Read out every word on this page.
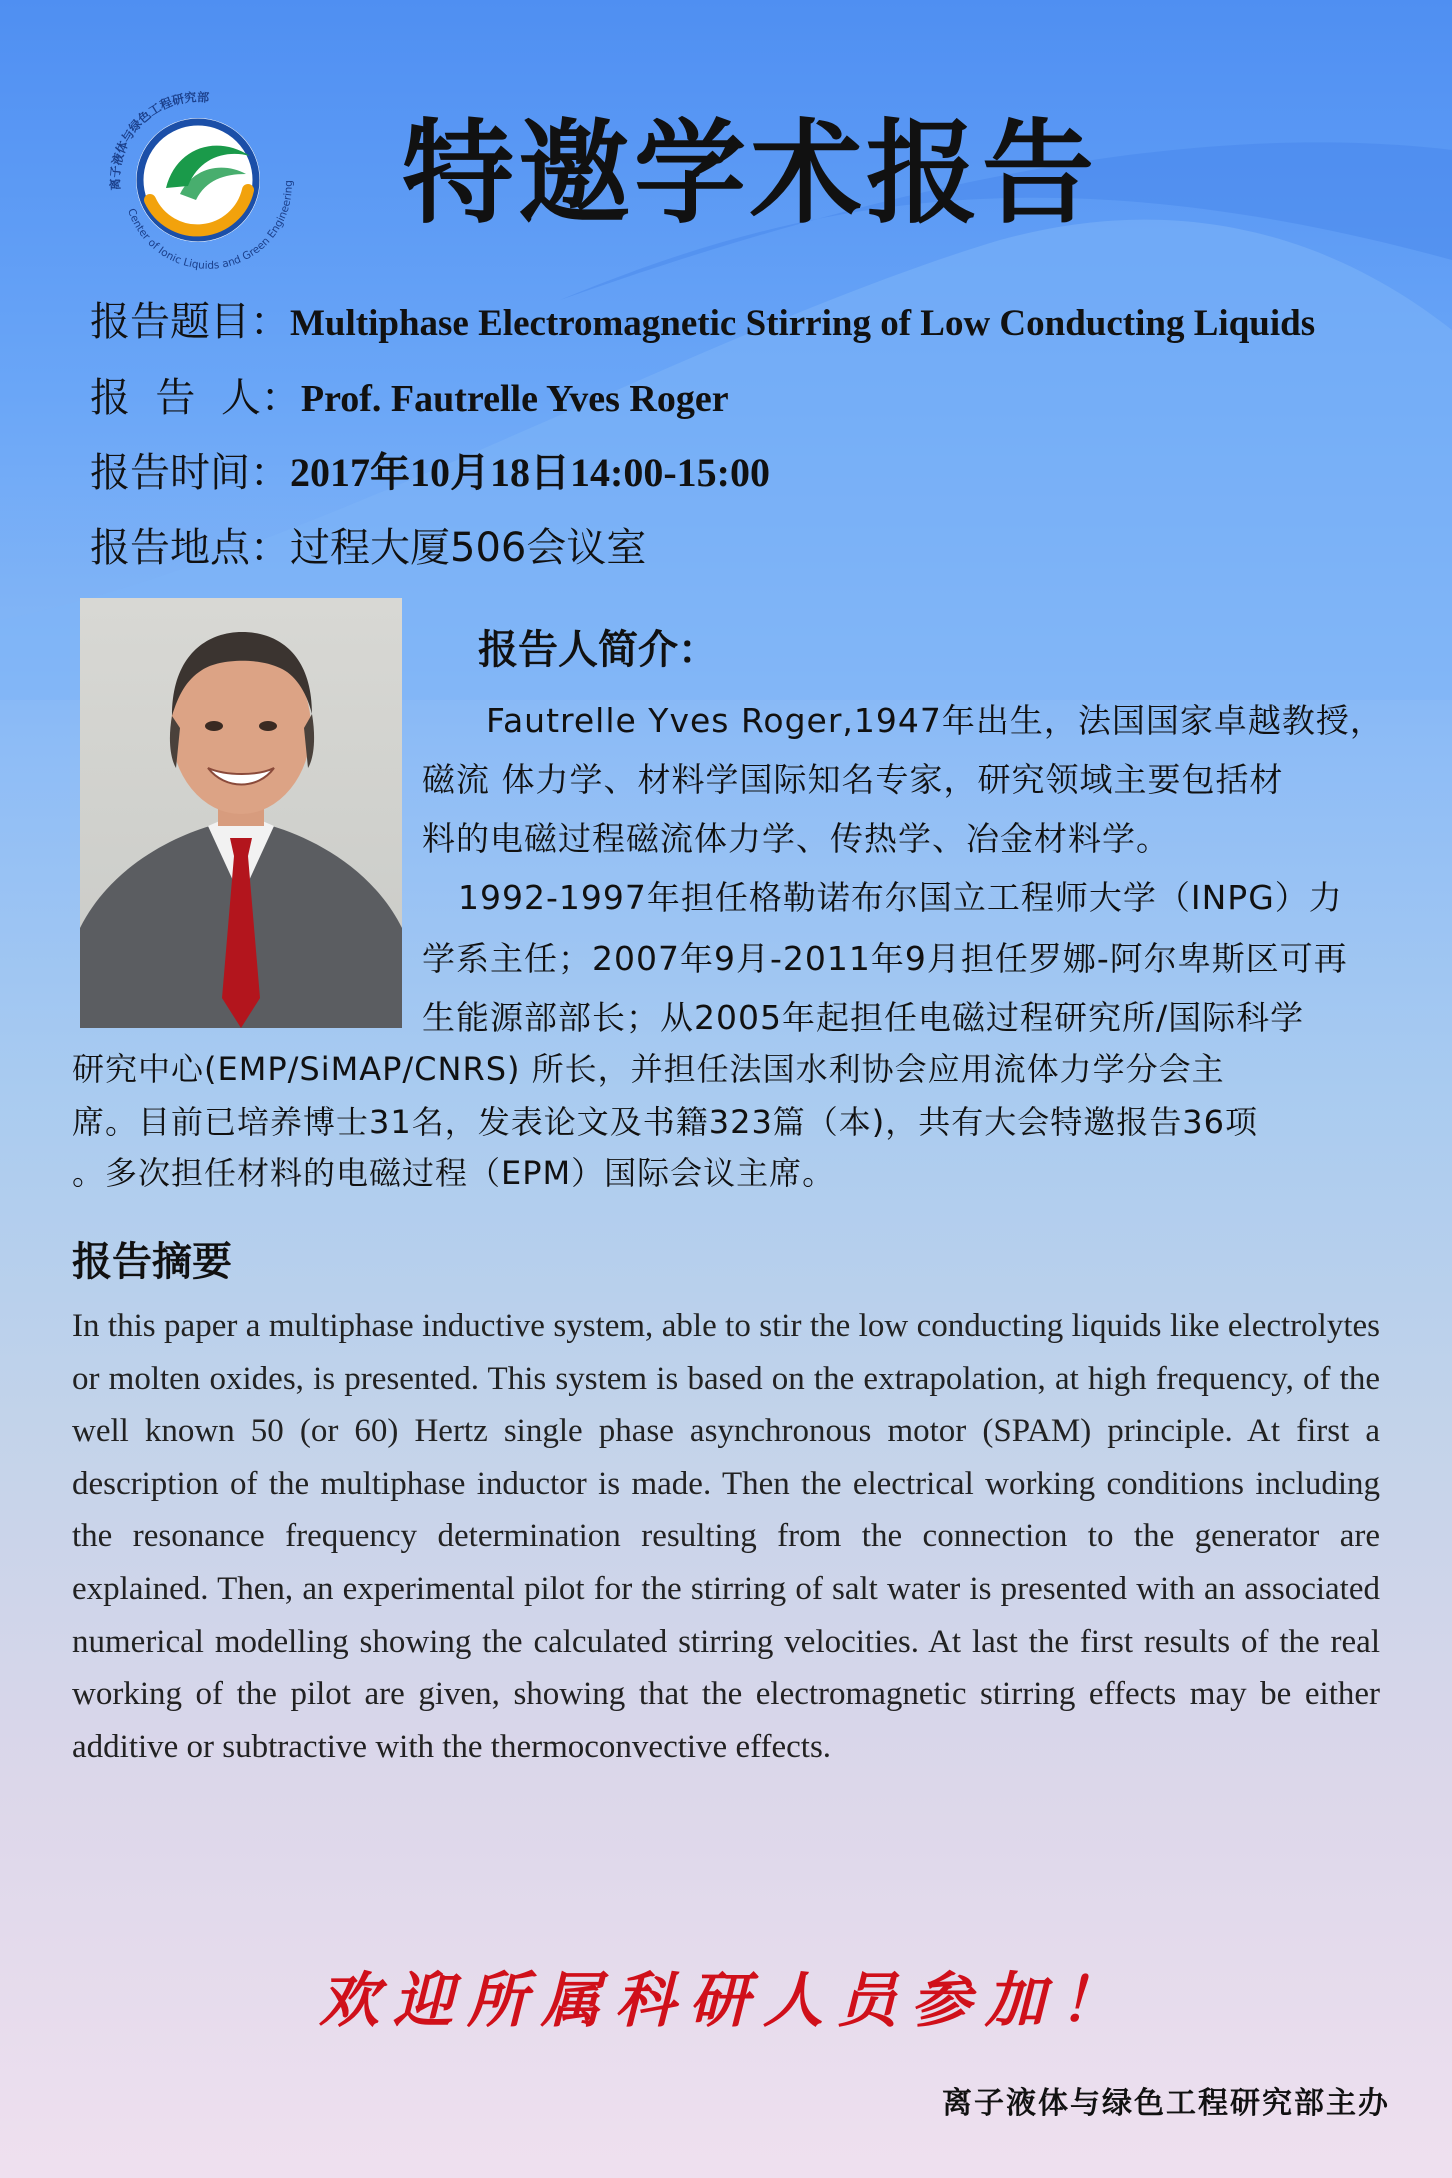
离子液体与绿色工程研究部
Center of Ionic Liquids and Green Engineering 特邀学术报告
报告题目：Multiphase Electromagnetic Stirring of Low Conducting Liquids
报  告  人：Prof. Fautrelle Yves Roger
报告时间：2017年10月18日14:00-15:00
报告地点：过程大厦506会议室
报告人简介：
Fautrelle Yves Roger,1947年出生，法国国家卓越教授，
磁流 体力学、材料学国际知名专家，研究领域主要包括材
料的电磁过程磁流体力学、传热学、冶金材料学。
1992-1997年担任格勒诺布尔国立工程师大学（INPG）力
学系主任；2007年9月-2011年9月担任罗娜-阿尔卑斯区可再
生能源部部长；从2005年起担任电磁过程研究所/国际科学
研究中心(EMP/SiMAP/CNRS) 所长，并担任法国水利协会应用流体力学分会主
席。目前已培养博士31名，发表论文及书籍323篇（本)，共有大会特邀报告36项
。多次担任材料的电磁过程（EPM）国际会议主席。
报告摘要
In this paper a multiphase inductive system, able to stir the low conducting liquids like electrolytes or molten oxides, is presented. This system is based on the extrapolation, at high frequency, of the well known 50 (or 60) Hertz single phase asynchronous motor (SPAM) principle. At first a description of the multiphase inductor is made. Then the electrical working conditions including the resonance frequency determination resulting from the connection to the generator are explained. Then, an experimental pilot for the stirring of salt water is presented with an associated numerical modelling showing the calculated stirring velocities. At last the first results of the real working of the pilot are given, showing that the electromagnetic stirring effects may be either additive or subtractive with the thermoconvective effects.
欢迎所属科研人员参加！
离子液体与绿色工程研究部主办
